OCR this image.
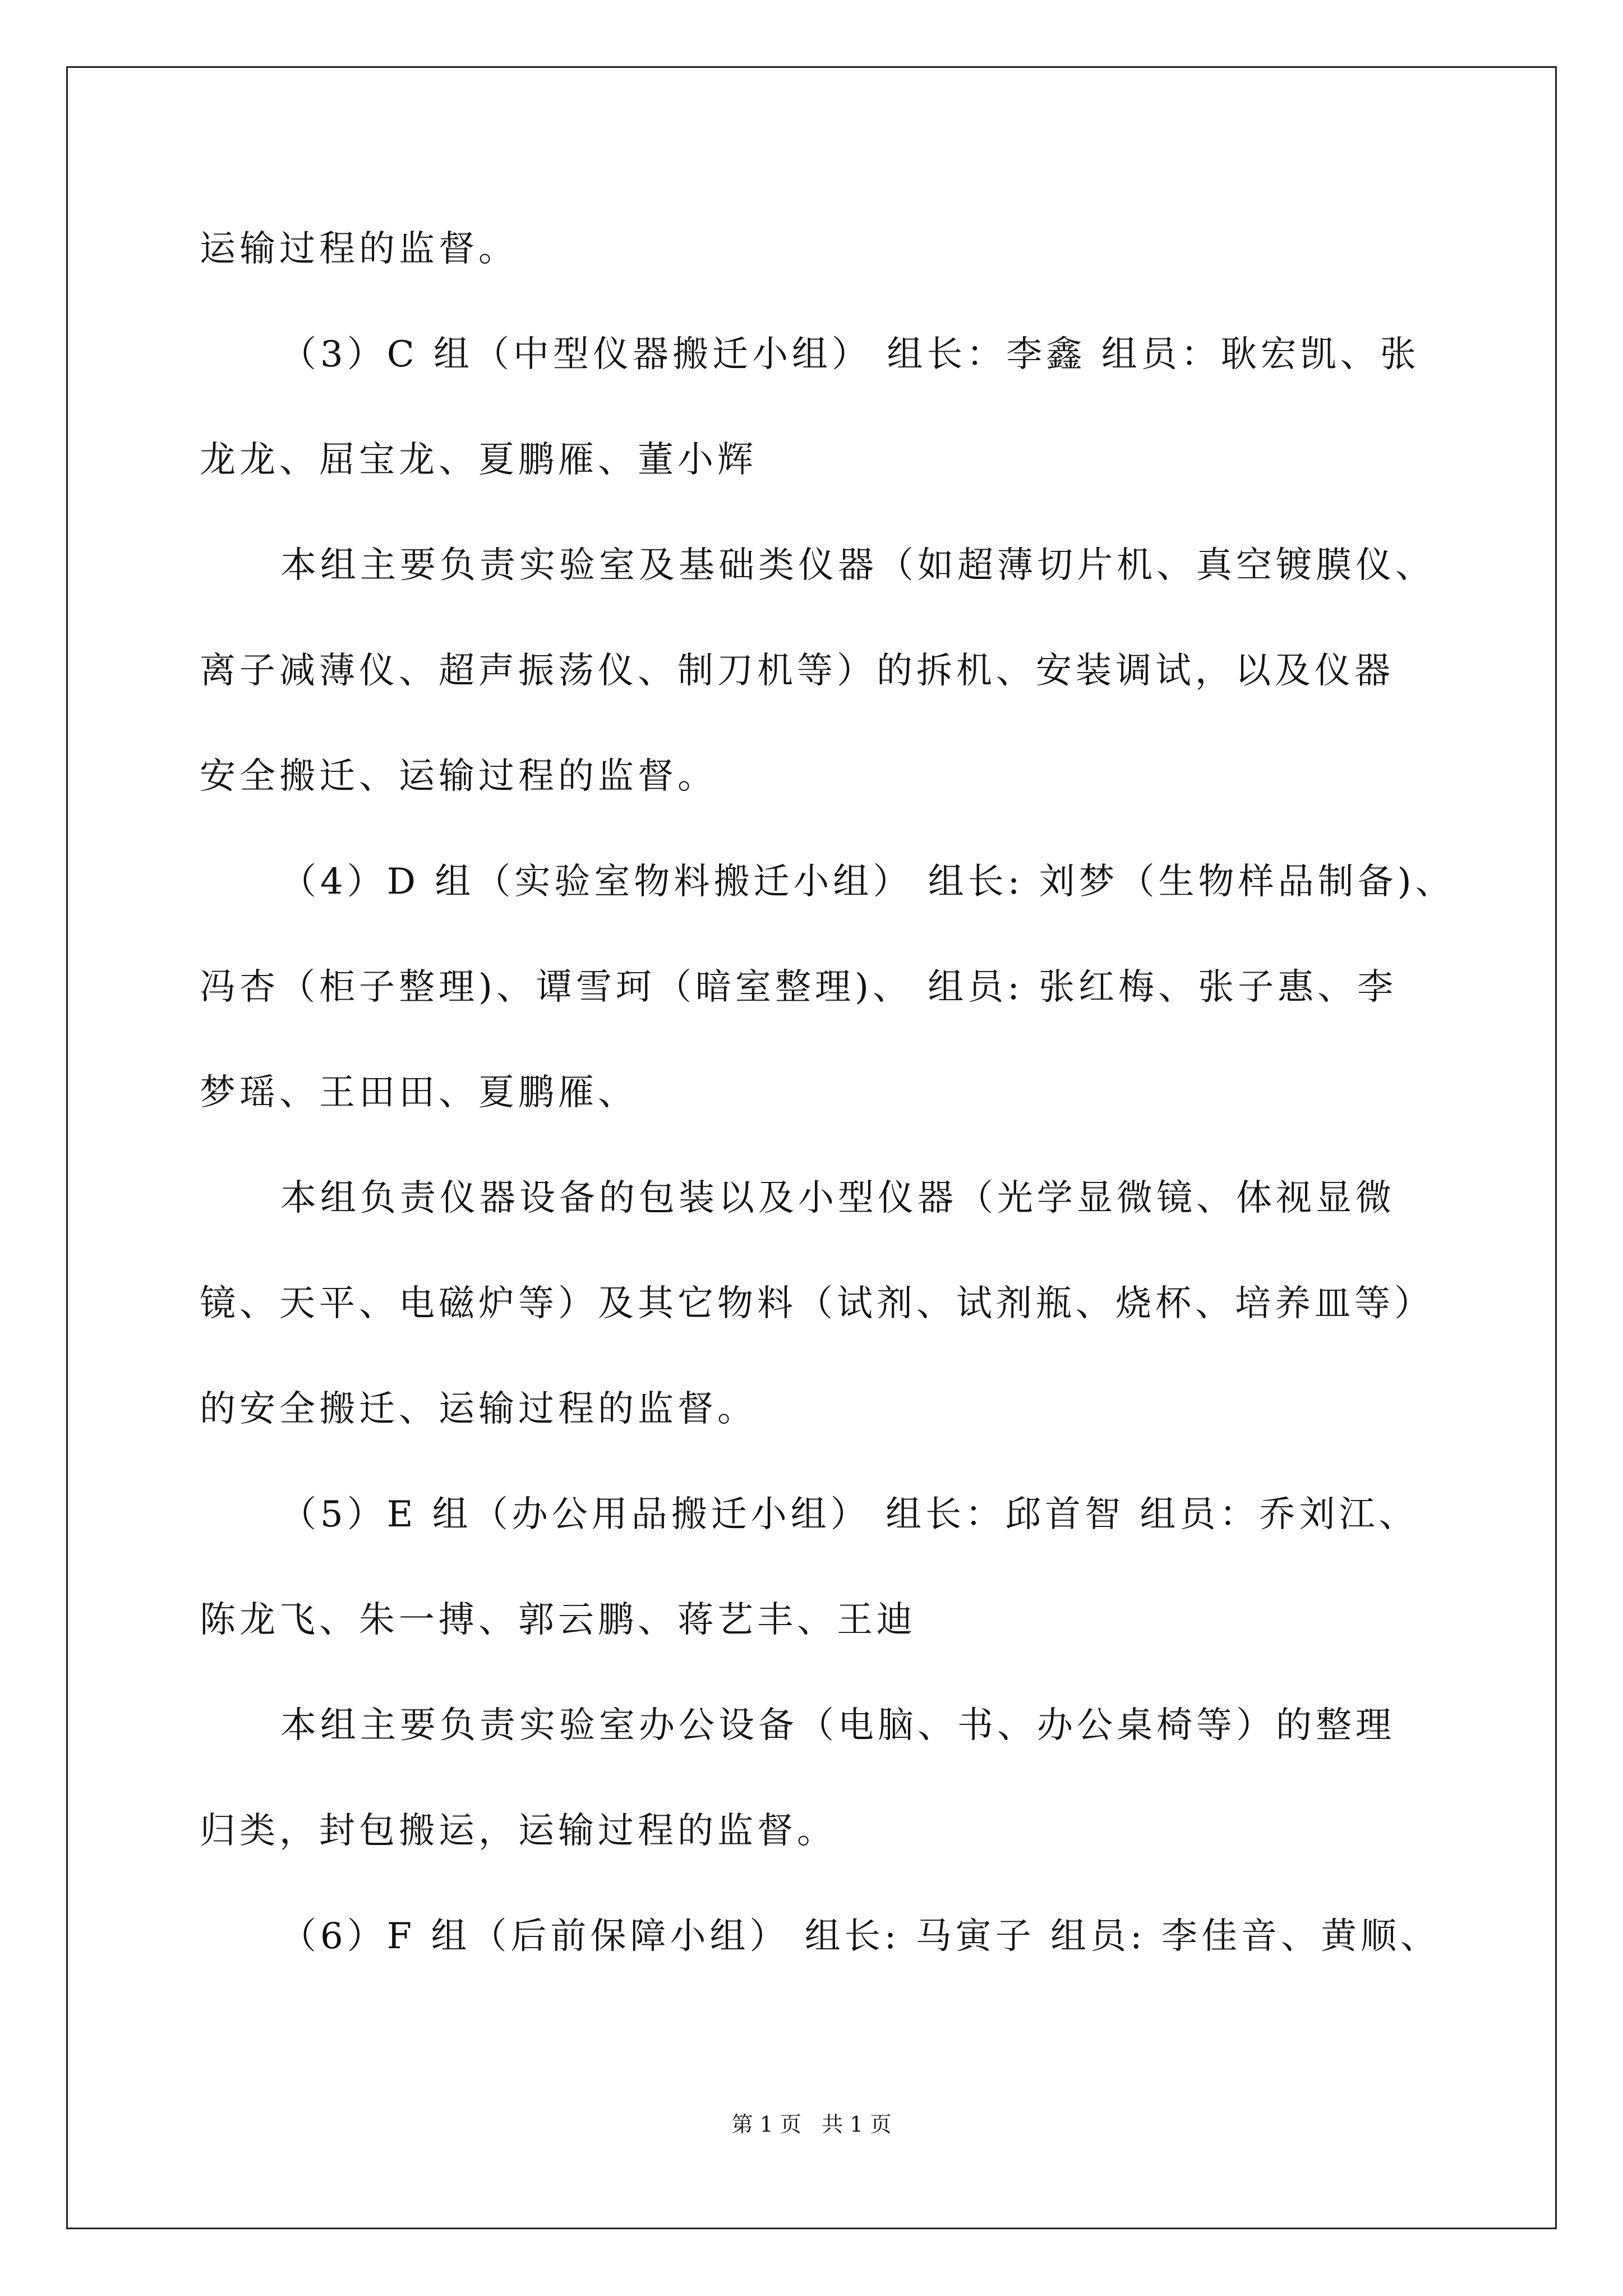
运输过程的监督。
（3）C 组（中型仪器搬迁小组） 组长：李鑫 组员：耿宏凯、张
龙龙、屈宝龙、夏鹏雁、董小辉
本组主要负责实验室及基础类仪器（如超薄切片机、真空镀膜仪、
离子减薄仪、超声振荡仪、制刀机等）的拆机、安装调试，以及仪器
安全搬迁、运输过程的监督。
（4）D 组（实验室物料搬迁小组） 组长: 刘梦（生物样品制备)、
冯杏（柜子整理)、谭雪珂（暗室整理)、 组员: 张红梅、张子惠、李
梦瑶、王田田、夏鹏雁、
本组负责仪器设备的包装以及小型仪器（光学显微镜、体视显微
镜、天平、电磁炉等）及其它物料（试剂、试剂瓶、烧杯、培养皿等）
的安全搬迁、运输过程的监督。
（5）E 组（办公用品搬迁小组） 组长：邱首智 组员：乔刘江、
陈龙飞、朱一搏、郭云鹏、蒋艺丰、王迪
本组主要负责实验室办公设备（电脑、书、办公桌椅等）的整理
归类，封包搬运，运输过程的监督。
（6）F 组（后前保障小组） 组长: 马寅子 组员: 李佳音、黄顺、
第 1 页   共 1 页
